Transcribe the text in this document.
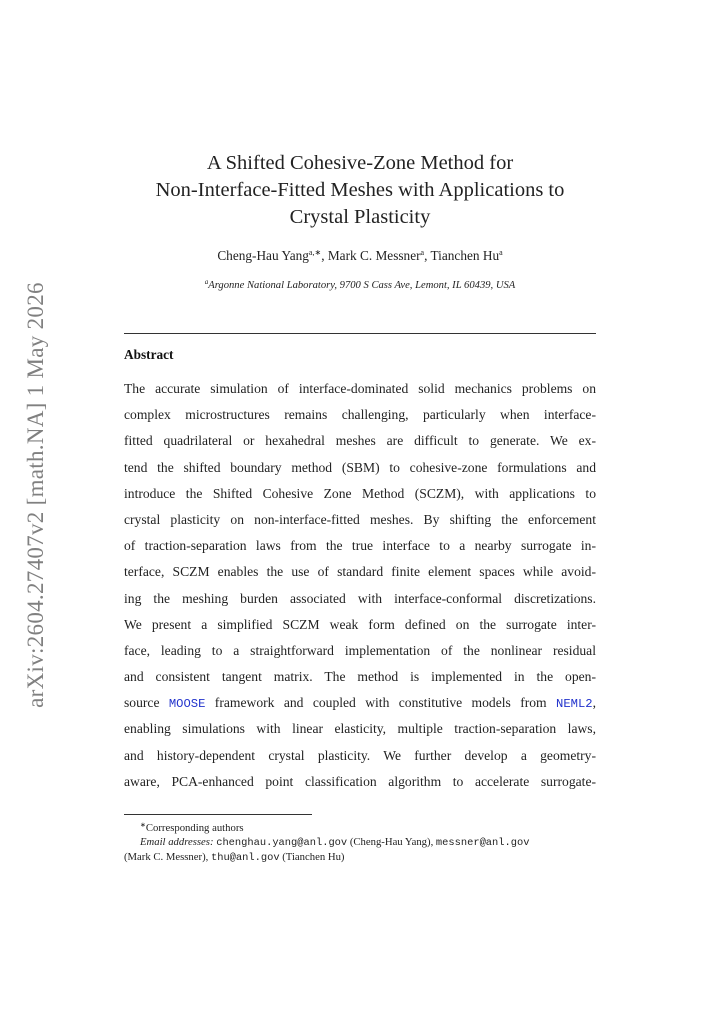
arXiv:2604.27407v2 [math.NA] 1 May 2026
A Shifted Cohesive-Zone Method for
Non-Interface-Fitted Meshes with Applications to
Crystal Plasticity
Cheng-Hau Yang$^{a,∗}$, Mark C. Messner$^a$, Tianchen Hu$^a$
$^a$Argonne National Laboratory, 9700 S Cass Ave, Lemont, IL 60439, USA
Abstract
The accurate simulation of interface-dominated solid mechanics problems on
complex microstructures remains challenging, particularly when interface-
fitted quadrilateral or hexahedral meshes are difficult to generate. We ex-
tend the shifted boundary method (SBM) to cohesive-zone formulations and
introduce the Shifted Cohesive Zone Method (SCZM), with applications to
crystal plasticity on non-interface-fitted meshes. By shifting the enforcement
of traction-separation laws from the true interface to a nearby surrogate in-
terface, SCZM enables the use of standard finite element spaces while avoid-
ing the meshing burden associated with interface-conformal discretizations.
We present a simplified SCZM weak form defined on the surrogate inter-
face, leading to a straightforward implementation of the nonlinear residual
and consistent tangent matrix. The method is implemented in the open-
source MOOSE framework and coupled with constitutive models from NEML2,
enabling simulations with linear elasticity, multiple traction-separation laws,
and history-dependent crystal plasticity. We further develop a geometry-
aware, PCA-enhanced point classification algorithm to accelerate surrogate-
∗Corresponding authors
Email addresses: chenghau.yang@anl.gov (Cheng-Hau Yang), messner@anl.gov
(Mark C. Messner), thu@anl.gov (Tianchen Hu)
